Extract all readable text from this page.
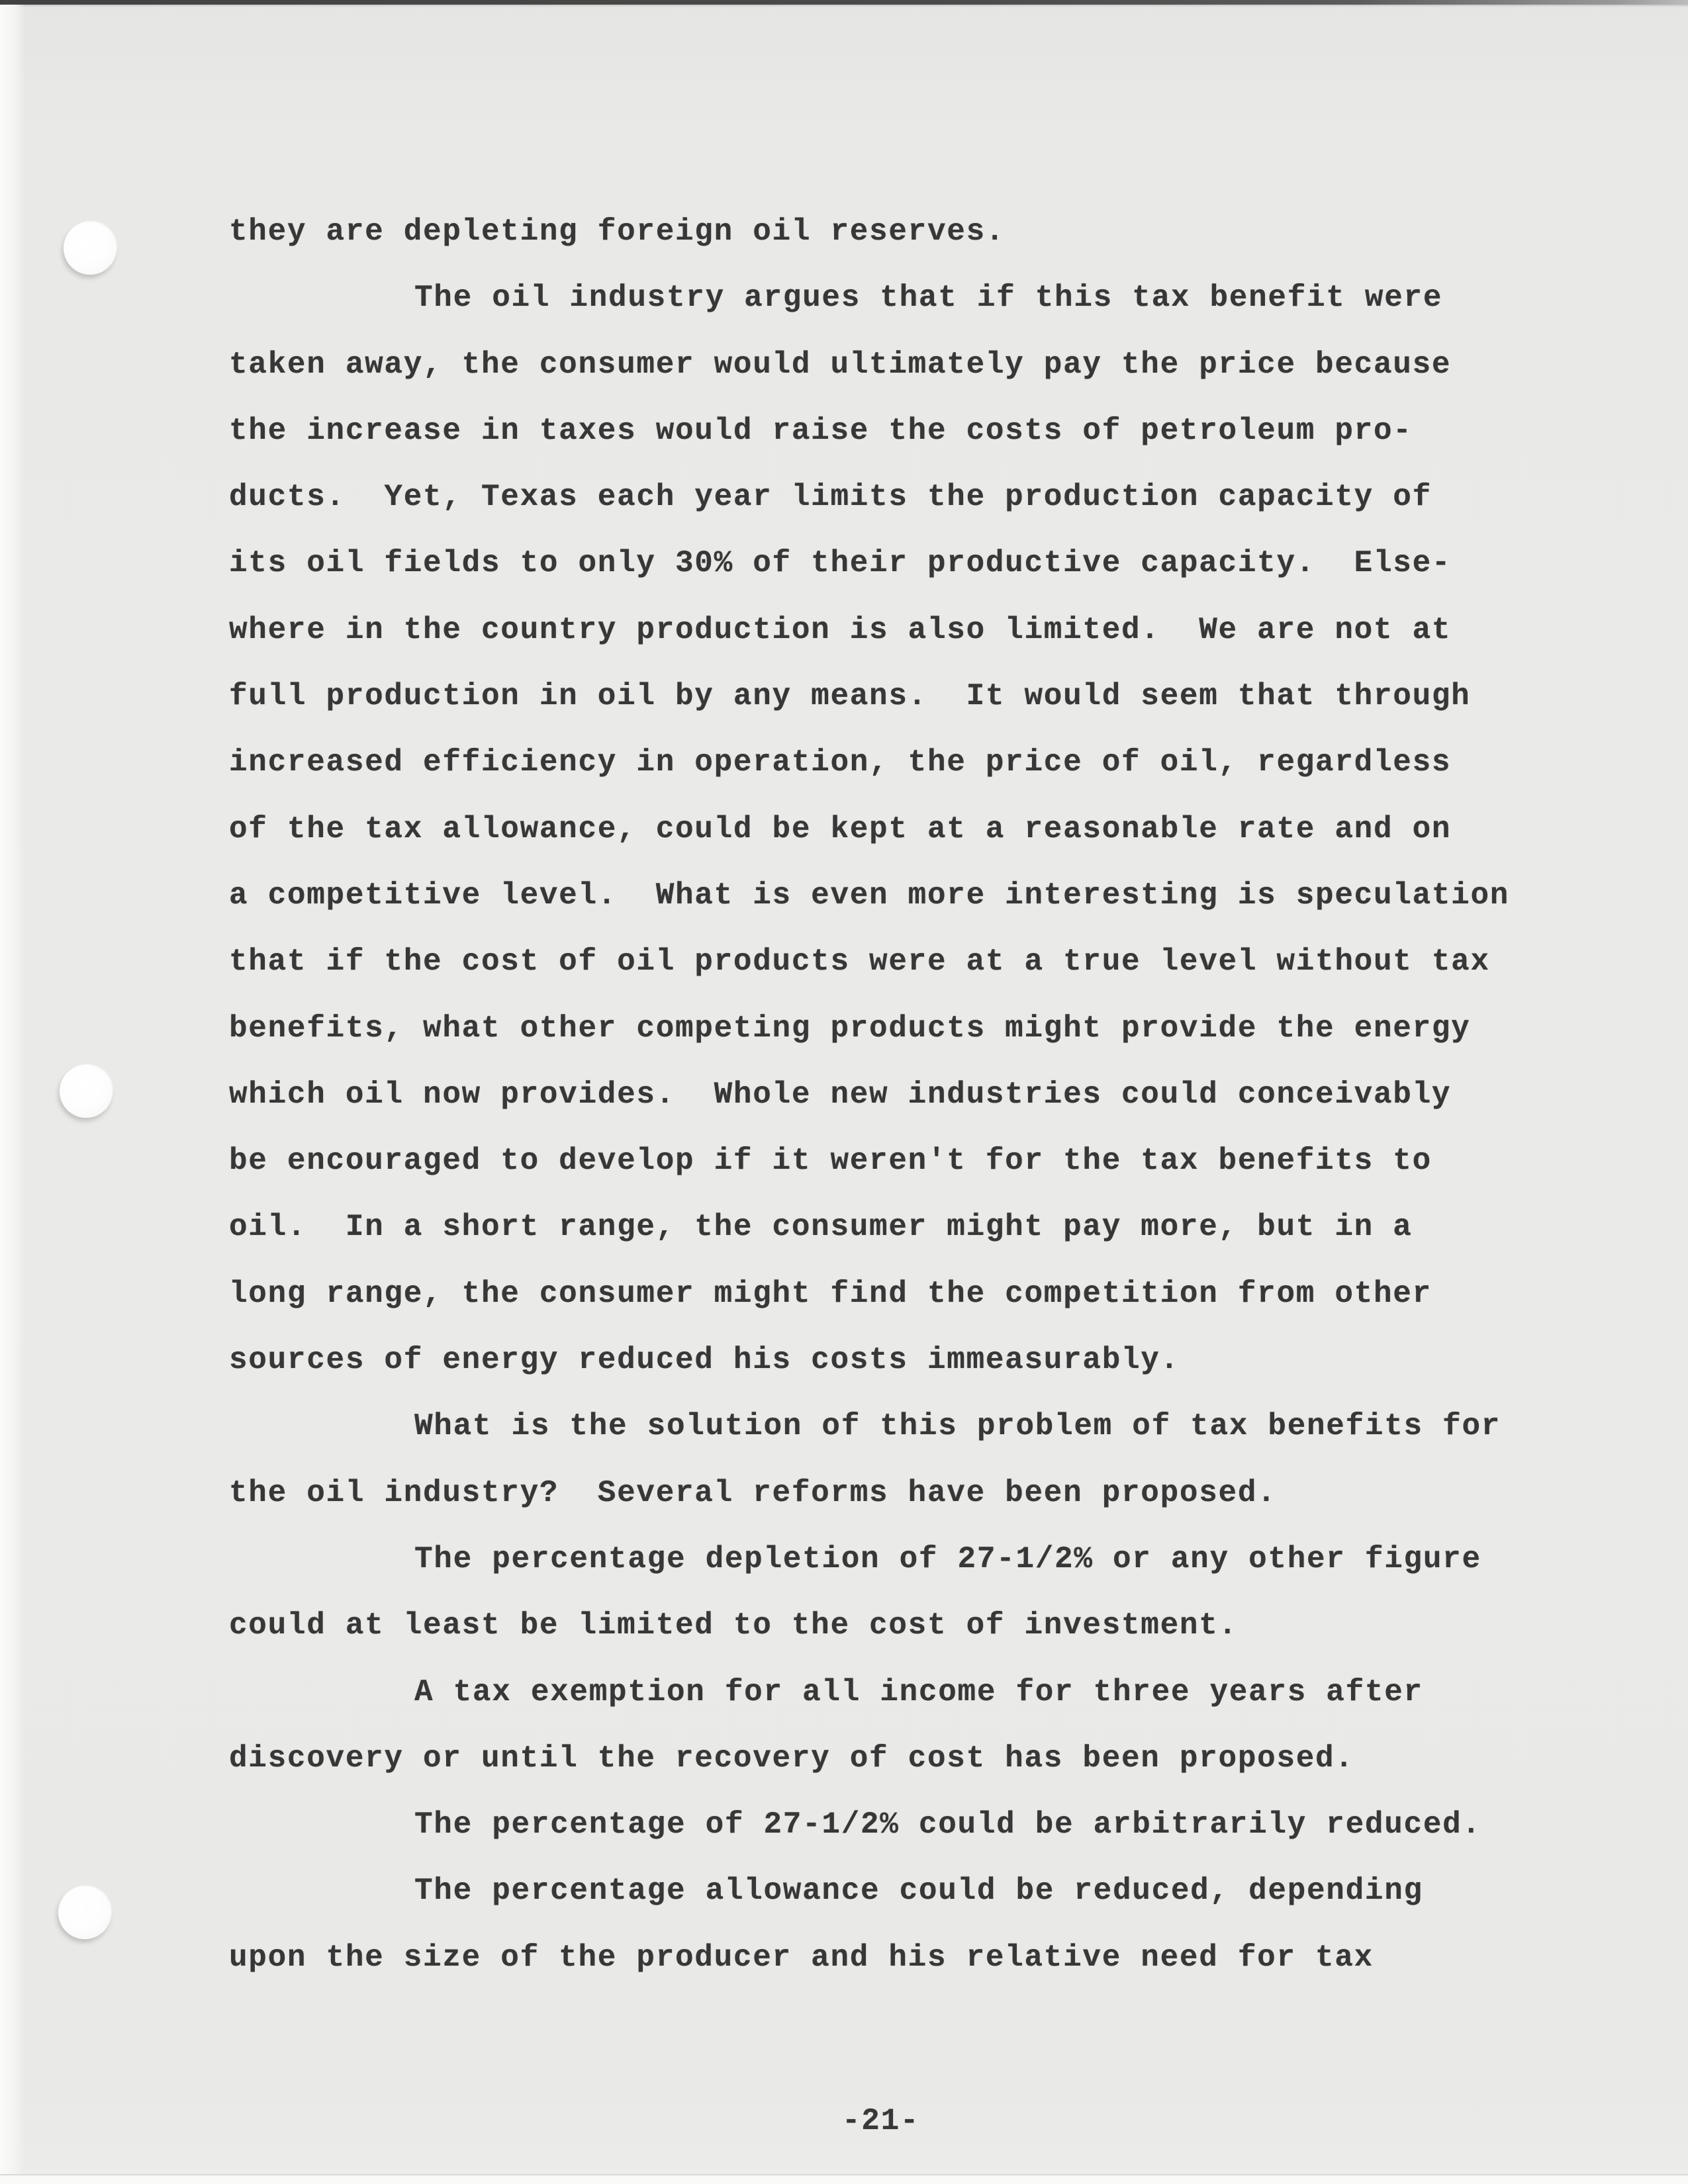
they are depleting foreign oil reserves.
The oil industry argues that if this tax benefit were
taken away, the consumer would ultimately pay the price because
the increase in taxes would raise the costs of petroleum pro-
ducts.  Yet, Texas each year limits the production capacity of
its oil fields to only 30% of their productive capacity.  Else-
where in the country production is also limited.  We are not at
full production in oil by any means.  It would seem that through
increased efficiency in operation, the price of oil, regardless
of the tax allowance, could be kept at a reasonable rate and on
a competitive level.  What is even more interesting is speculation
that if the cost of oil products were at a true level without tax
benefits, what other competing products might provide the energy
which oil now provides.  Whole new industries could conceivably
be encouraged to develop if it weren't for the tax benefits to
oil.  In a short range, the consumer might pay more, but in a
long range, the consumer might find the competition from other
sources of energy reduced his costs immeasurably.
What is the solution of this problem of tax benefits for
the oil industry?  Several reforms have been proposed.
The percentage depletion of 27-1/2% or any other figure
could at least be limited to the cost of investment.
A tax exemption for all income for three years after
discovery or until the recovery of cost has been proposed.
The percentage of 27-1/2% could be arbitrarily reduced.
The percentage allowance could be reduced, depending
upon the size of the producer and his relative need for tax
-21-
